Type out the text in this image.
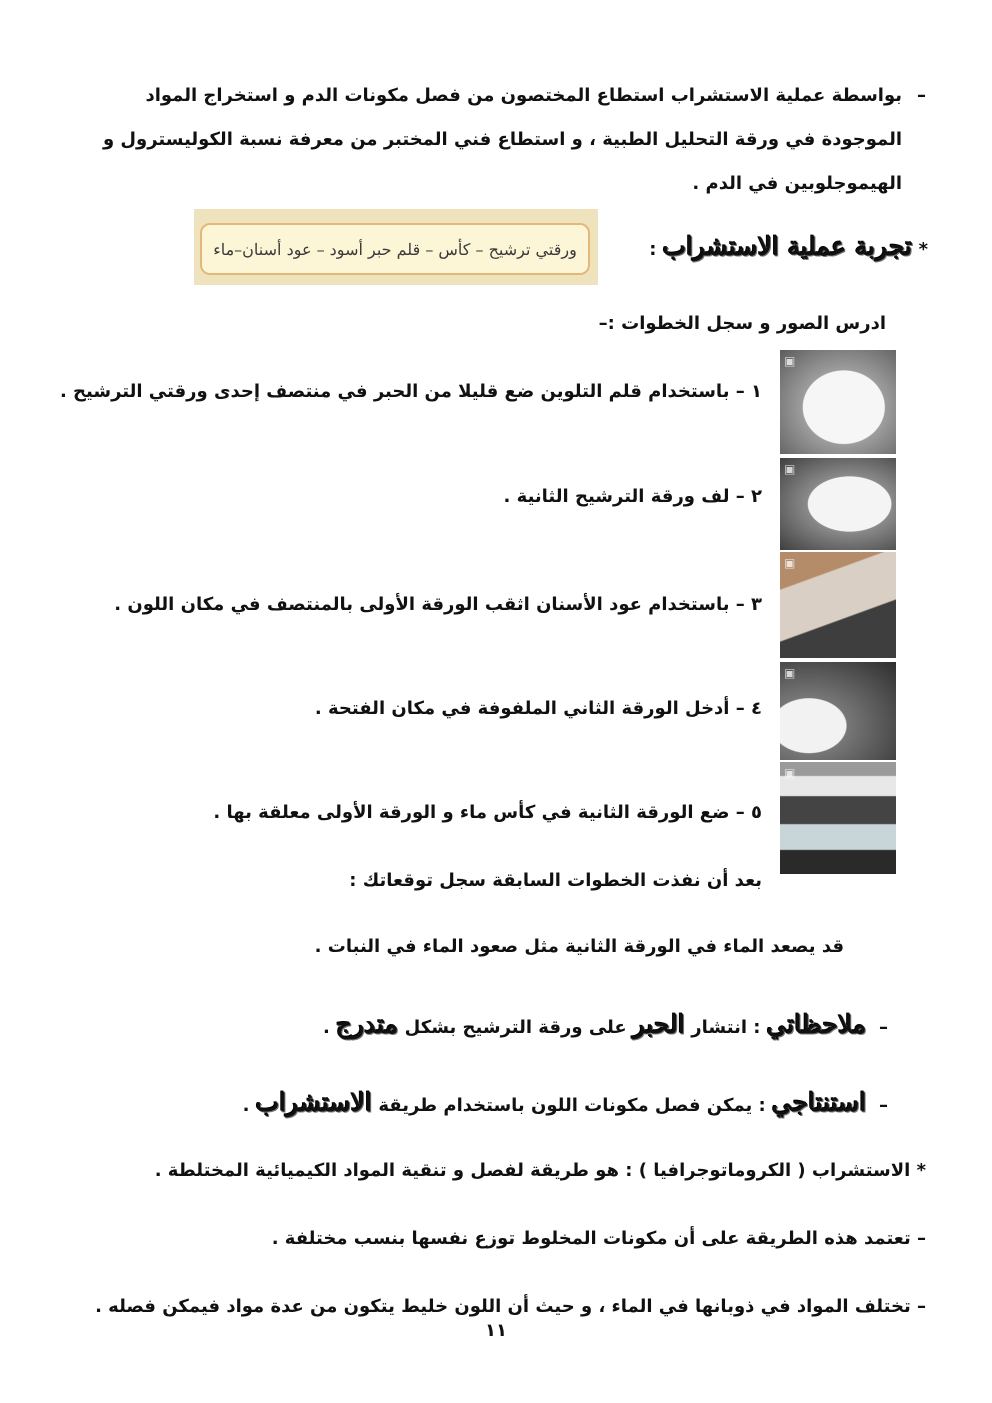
–
بواسطة عملية الاستشراب استطاع المختصون من فصل مكونات الدم و استخراج المواد الموجودة في ورقة التحليل الطبية ، و استطاع فني المختبر من معرفة نسبة الكوليسترول و الهيموجلوبين في الدم .
* تجربة عملية الاستشراب :
ورقتي ترشيح – كأس – قلم حبر أسود – عود أسنان–ماء
ادرس الصور و سجل الخطوات :–
١ – باستخدام قلم التلوين ضع قليلا من الحبر في منتصف إحدى ورقتي الترشيح .
٢ – لف ورقة الترشيح الثانية .
٣ – باستخدام عود الأسنان اثقب الورقة الأولى بالمنتصف في مكان اللون .
٤ – أدخل الورقة الثاني الملفوفة في مكان الفتحة .
٥ – ضع الورقة الثانية في كأس ماء و الورقة الأولى معلقة بها .
▣
▣
▣
▣
▣
بعد أن نفذت الخطوات السابقة سجل توقعاتك :
قد يصعد الماء في الورقة الثانية مثل صعود الماء في النبات .
–  ملاحظاتي : انتشار الحبر على ورقة الترشيح بشكل متدرج .
–  استنتاجي : يمكن فصل مكونات اللون باستخدام طريقة الاستشراب .
* الاستشراب ( الكروماتوجرافيا ) : هو طريقة لفصل و تنقية المواد الكيميائية المختلطة .
– تعتمد هذه الطريقة على أن مكونات المخلوط توزع نفسها بنسب مختلفة .
– تختلف المواد في ذوبانها في الماء ، و حيث أن اللون خليط يتكون من عدة مواد فيمكن فصله .
١١
